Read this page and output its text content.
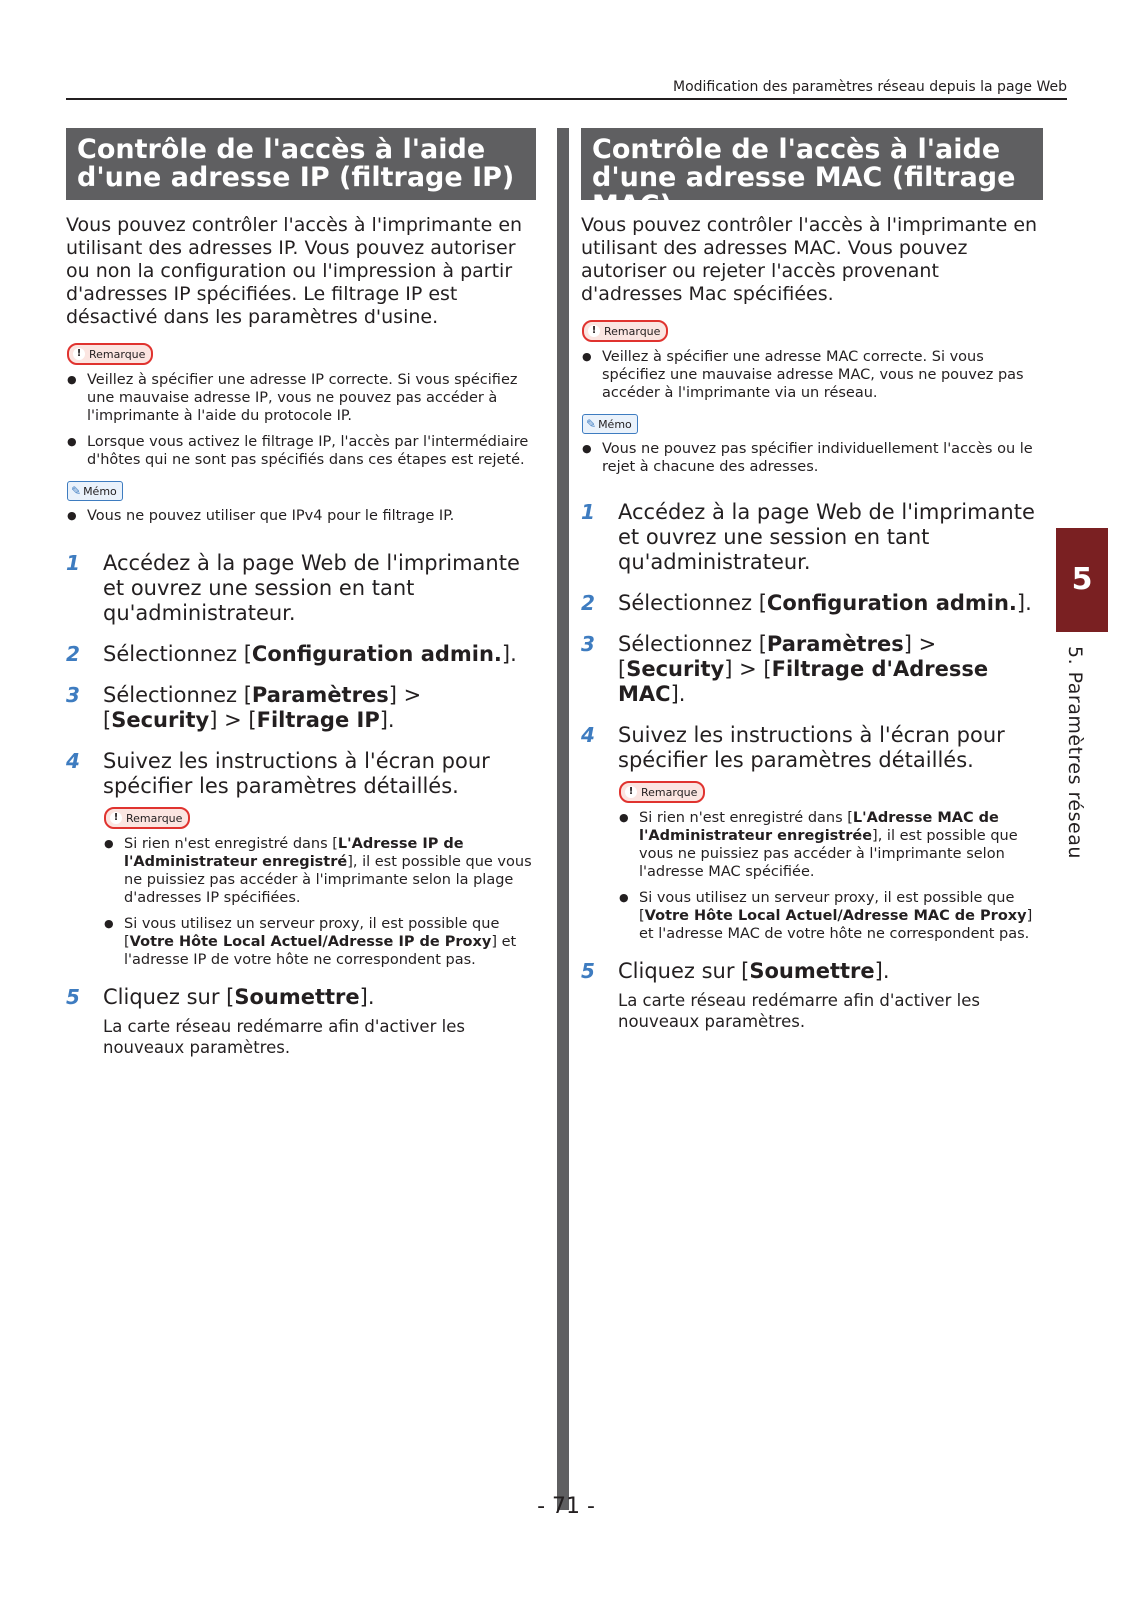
Modification des paramètres réseau depuis la page Web
Contrôle de l'accès à l'aide d'une adresse IP (filtrage IP)
Vous pouvez contrôler l'accès à l'imprimante en utilisant des adresses IP. Vous pouvez autoriser ou non la configuration ou l'impression à partir d'adresses IP spécifiées. Le filtrage IP est désactivé dans les paramètres d'usine.
! Remarque
● Veillez à spécifier une adresse IP correcte. Si vous spécifiez une mauvaise adresse IP, vous ne pouvez pas accéder à l'imprimante à l'aide du protocole IP.
● Lorsque vous activez le filtrage IP, l'accès par l'intermédiaire d'hôtes qui ne sont pas spécifiés dans ces étapes est rejeté.
✎ Mémo
● Vous ne pouvez utiliser que IPv4 pour le filtrage IP.
1 Accédez à la page Web de l'imprimante et ouvrez une session en tant qu'administrateur.
2 Sélectionnez [Configuration admin.].
3 Sélectionnez [Paramètres] > [Security] > [Filtrage IP].
4 Suivez les instructions à l'écran pour spécifier les paramètres détaillés.
! Remarque
● Si rien n'est enregistré dans [L'Adresse IP de l'Administrateur enregistré], il est possible que vous ne puissiez pas accéder à l'imprimante selon la plage d'adresses IP spécifiées.
● Si vous utilisez un serveur proxy, il est possible que [Votre Hôte Local Actuel/Adresse IP de Proxy] et l'adresse IP de votre hôte ne correspondent pas.
5 Cliquez sur [Soumettre].
La carte réseau redémarre afin d'activer les nouveaux paramètres.
Contrôle de l'accès à l'aide d'une adresse MAC (filtrage MAC)
Vous pouvez contrôler l'accès à l'imprimante en utilisant des adresses MAC. Vous pouvez autoriser ou rejeter l'accès provenant d'adresses Mac spécifiées.
! Remarque
● Veillez à spécifier une adresse MAC correcte. Si vous spécifiez une mauvaise adresse MAC, vous ne pouvez pas accéder à l'imprimante via un réseau.
✎ Mémo
● Vous ne pouvez pas spécifier individuellement l'accès ou le rejet à chacune des adresses.
1 Accédez à la page Web de l'imprimante et ouvrez une session en tant qu'administrateur.
2 Sélectionnez [Configuration admin.].
3 Sélectionnez [Paramètres] > [Security] > [Filtrage d'Adresse MAC].
4 Suivez les instructions à l'écran pour spécifier les paramètres détaillés.
! Remarque
● Si rien n'est enregistré dans [L'Adresse MAC de l'Administrateur enregistrée], il est possible que vous ne puissiez pas accéder à l'imprimante selon l'adresse MAC spécifiée.
● Si vous utilisez un serveur proxy, il est possible que [Votre Hôte Local Actuel/Adresse MAC de Proxy] et l'adresse MAC de votre hôte ne correspondent pas.
5 Cliquez sur [Soumettre].
La carte réseau redémarre afin d'activer les nouveaux paramètres.
5
5. Paramètres réseau
- 71 -
